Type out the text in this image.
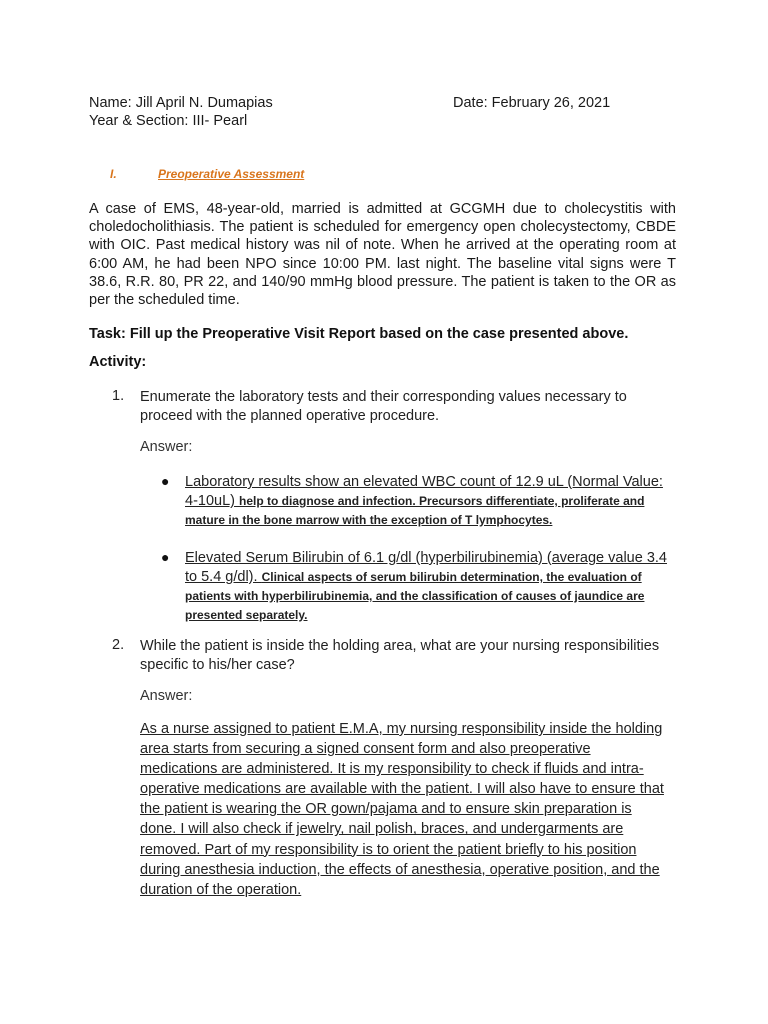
Name: Jill April N. Dumapias	Date: February 26, 2021
Year & Section: III- Pearl
I.	Preoperative Assessment
A case of EMS, 48-year-old, married is admitted at GCGMH due to cholecystitis with choledocholithiasis. The patient is scheduled for emergency open cholecystectomy, CBDE with OIC. Past medical history was nil of note. When he arrived at the operating room at 6:00 AM, he had been NPO since 10:00 PM. last night. The baseline vital signs were T 38.6, R.R. 80, PR 22, and 140/90 mmHg blood pressure. The patient is taken to the OR as per the scheduled time.
Task: Fill up the Preoperative Visit Report based on the case presented above.
Activity:
1. Enumerate the laboratory tests and their corresponding values necessary to proceed with the planned operative procedure.
Answer:
● Laboratory results show an elevated WBC count of 12.9 uL (Normal Value: 4-10uL) help to diagnose and infection. Precursors differentiate, proliferate and mature in the bone marrow with the exception of T lymphocytes.
● Elevated Serum Bilirubin of 6.1 g/dl (hyperbilirubinemia) (average value 3.4 to 5.4 g/dl). Clinical aspects of serum bilirubin determination, the evaluation of patients with hyperbilirubinemia, and the classification of causes of jaundice are presented separately.
2. While the patient is inside the holding area, what are your nursing responsibilities specific to his/her case?
Answer:
As a nurse assigned to patient E.M.A, my nursing responsibility inside the holding area starts from securing a signed consent form and also preoperative medications are administered. It is my responsibility to check if fluids and intra-operative medications are available with the patient. I will also have to ensure that the patient is wearing the OR gown/pajama and to ensure skin preparation is done. I will also check if jewelry, nail polish, braces, and undergarments are removed. Part of my responsibility is to orient the patient briefly to his position during anesthesia induction, the effects of anesthesia, operative position, and the duration of the operation.
